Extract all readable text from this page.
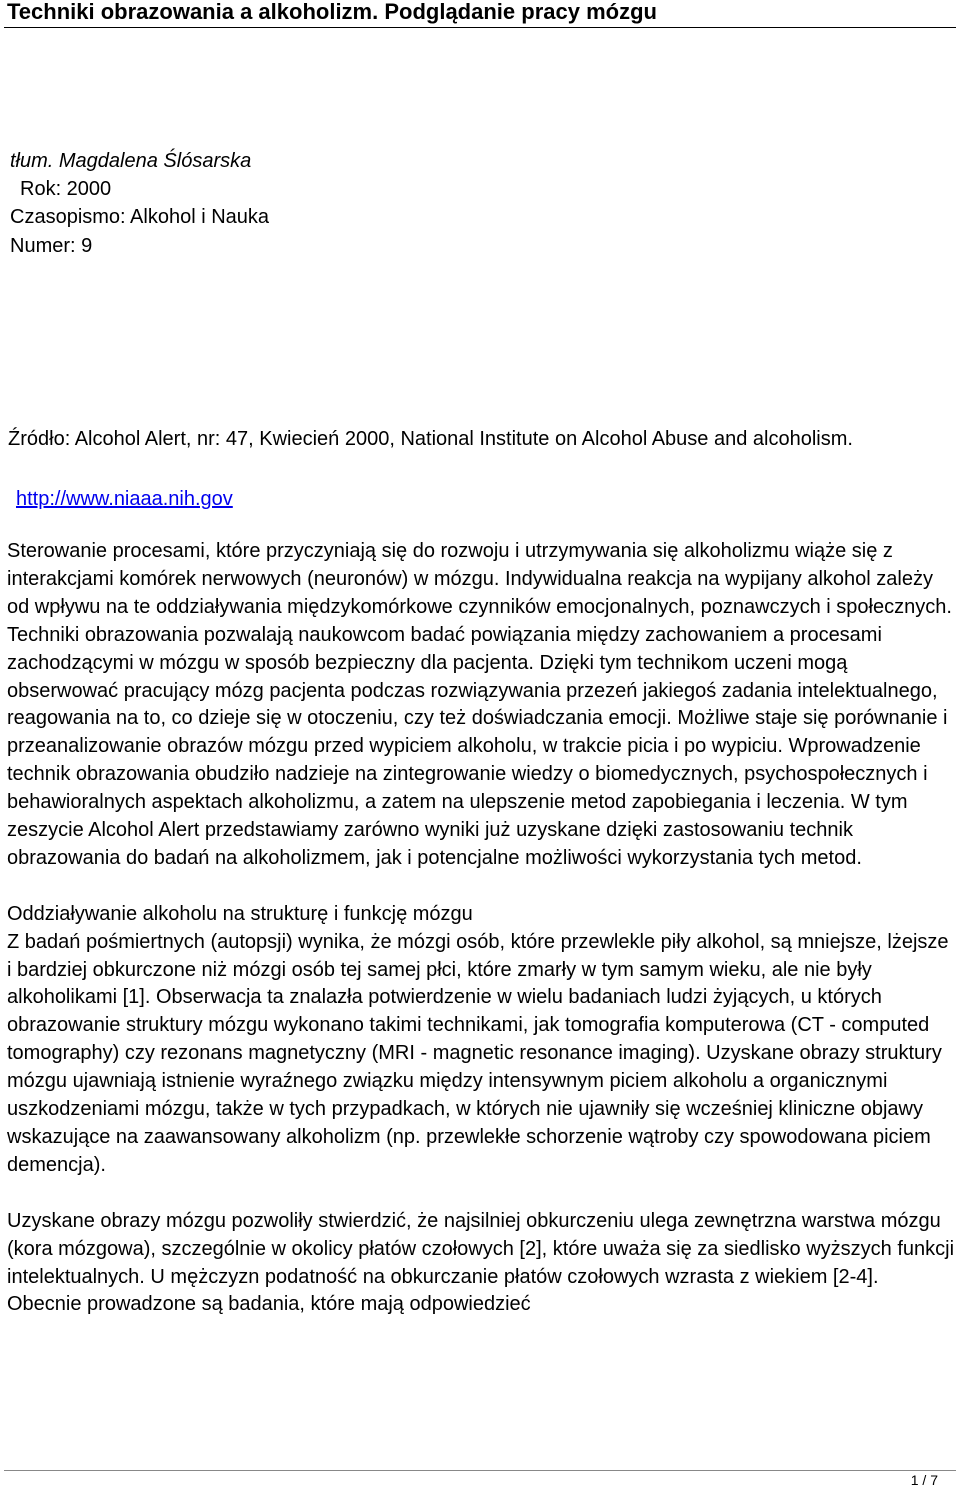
Techniki obrazowania a alkoholizm. Podglądanie pracy mózgu
tłum. Magdalena Ślósarska
Rok: 2000
Czasopismo: Alkohol i Nauka
Numer: 9
Źródło: Alcohol Alert, nr: 47, Kwiecień 2000, National Institute on Alcohol Abuse and alcoholism.
http://www.niaaa.nih.gov

Sterowanie procesami, które przyczyniają się do rozwoju i utrzymywania się alkoholizmu wiąże się z interakcjami komórek nerwowych (neuronów) w mózgu. Indywidualna reakcja na wypijany alkohol zależy od wpływu na te oddziaływania międzykomórkowe czynników emocjonalnych, poznawczych i społecznych. Techniki obrazowania pozwalają naukowcom badać powiązania między zachowaniem a procesami zachodzącymi w mózgu w sposób bezpieczny dla pacjenta. Dzięki tym technikom uczeni mogą obserwować pracujący mózg pacjenta podczas rozwiązywania przezeń jakiegoś zadania intelektualnego, reagowania na to, co dzieje się w otoczeniu, czy też doświadczania emocji. Możliwe staje się porównanie i przeanalizowanie obrazów mózgu przed wypiciem alkoholu, w trakcie picia i po wypiciu. Wprowadzenie technik obrazowania obudziło nadzieje na zintegrowanie wiedzy o biomedycznych, psychospołecznych i behawioralnych aspektach alkoholizmu, a zatem na ulepszenie metod zapobiegania i leczenia. W tym zeszycie Alcohol Alert przedstawiamy zarówno wyniki już uzyskane dzięki zastosowaniu technik obrazowania do badań na alkoholizmem, jak i potencjalne możliwości wykorzystania tych metod.

Oddziaływanie alkoholu na strukturę i funkcję mózgu

Z badań pośmiertnych (autopsji) wynika, że mózgi osób, które przewlekle piły alkohol, są mniejsze, lżejsze i bardziej obkurczone niż mózgi osób tej samej płci, które zmarły w tym samym wieku, ale nie były alkoholikami [1]. Obserwacja ta znalazła potwierdzenie w wielu badaniach ludzi żyjących, u których obrazowanie struktury mózgu wykonano takimi technikami, jak tomografia komputerowa (CT - computed tomography) czy rezonans magnetyczny (MRI - magnetic resonance imaging). Uzyskane obrazy struktury mózgu ujawniają istnienie wyraźnego związku między intensywnym piciem alkoholu a organicznymi uszkodzeniami mózgu, także w tych przypadkach, w których nie ujawniły się wcześniej kliniczne objawy wskazujące na zaawansowany alkoholizm (np. przewlekłe schorzenie wątroby czy spowodowana piciem demencja).

Uzyskane obrazy mózgu pozwoliły stwierdzić, że najsilniej obkurczeniu ulega zewnętrzna warstwa mózgu (kora mózgowa), szczególnie w okolicy płatów czołowych [2], które uważa się za siedlisko wyższych funkcji intelektualnych. U mężczyzn podatność na obkurczanie płatów czołowych wzrasta z wiekiem [2-4]. Obecnie prowadzone są badania, które mają odpowiedzieć

1 / 7
